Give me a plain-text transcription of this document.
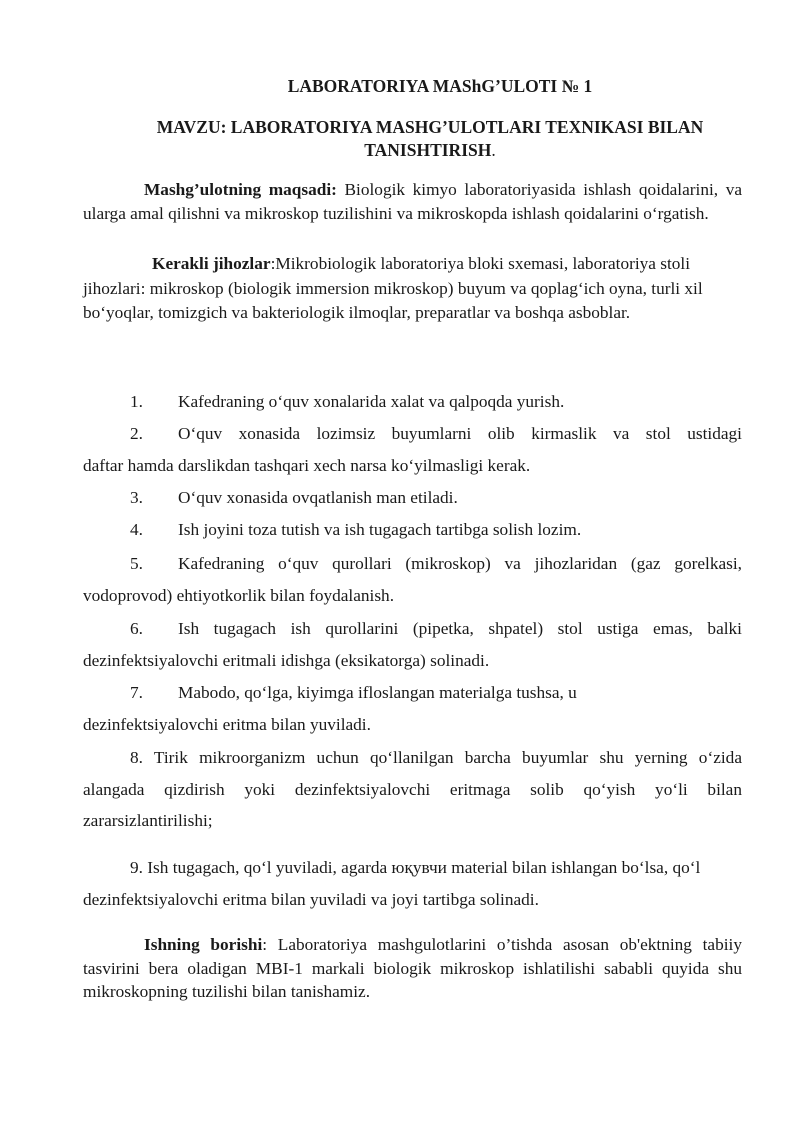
LABORATORIYA MAShG’ULOTI № 1
MAVZU: LABORATORIYA MASHG’ULOTLARI TEXNIKASI BILAN
TANISHTIRISH.

Mashg’ulotning maqsadi: Biologik kimyo laboratoriyasida ishlash qoidalarini, va ularga amal qilishni va mikroskop tuzilishini va mikroskopda ishlash qoidalarini o‘rgatish.

Kerakli jihozlar:Mikrobiologik laboratoriya bloki sxemasi, laboratoriya stoli jihozlari: mikroskop (biologik immersion mikroskop) buyum va qoplag‘ich oyna, turli xil bo‘yoqlar, tomizgich va bakteriologik ilmoqlar, preparatlar va boshqa asboblar.

1.	Kafedraning o‘quv xonalarida xalat va qalpoqda yurish.
2.	O‘quv xonasida lozimsiz buyumlarni olib kirmaslik va stol ustidagi
daftar hamda darslikdan tashqari xech narsa ko‘yilmasligi kerak.
3.	O‘quv xonasida ovqatlanish man etiladi.
4.	Ish joyini toza tutish va ish tugagach tartibga solish lozim.
5.	Kafedraning o‘quv qurollari (mikroskop) va jihozlaridan (gaz gorelkasi,
vodoprovod) ehtiyotkorlik bilan foydalanish.
6.	Ish tugagach ish qurollarini (pipetka, shpatel) stol ustiga emas, balki
dezinfektsiyalovchi eritmali idishga (eksikatorga) solinadi.
7.	Mabodo, qo‘lga, kiyimga ifloslangan materialga tushsa, u
dezinfektsiyalovchi eritma bilan yuviladi.

8. Tirik mikroorganizm uchun qo‘llanilgan barcha buyumlar shu yerning o‘zida alangada qizdirish yoki dezinfektsiyalovchi eritmaga solib qo‘yish yo‘li bilan zararsizlantirilishi;

9. Ish tugagach, qo‘l yuviladi, agarda юқувчи material bilan ishlangan bo‘lsa, qo‘l dezinfektsiyalovchi eritma bilan yuviladi va joyi tartibga solinadi.

Ishning borishi: Laboratoriya mashgulotlarini o’tishda asosan ob'ektning tabiiy tasvirini bera oladigan MBI-1 markali biologik mikroskop ishlatilishi sababli quyida shu mikroskopning tuzilishi bilan tanishamiz.
